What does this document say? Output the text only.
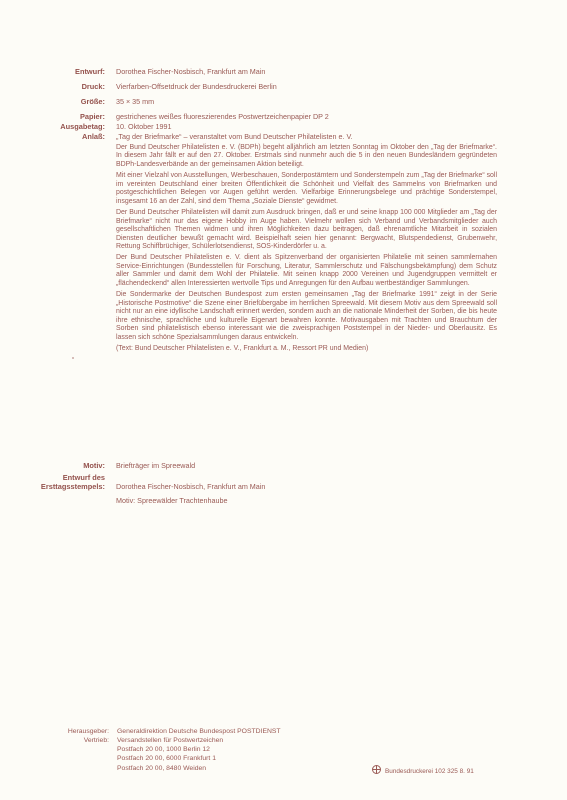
Entwurf: Dorothea Fischer-Nosbisch, Frankfurt am Main
Druck: Vierfarben-Offsetdruck der Bundesdruckerei Berlin
Größe: 35 × 35 mm
Papier: gestrichenes weißes fluoreszierendes Postwertzeichenpapier DP 2
Ausgabetag: 10. Oktober 1991
Anlaß: „Tag der Briefmarke“ – veranstaltet vom Bund Deutscher Philatelisten e. V.

Der Bund Deutscher Philatelisten e. V. (BDPh) begeht alljährlich am letzten Sonntag im Oktober den „Tag der Briefmarke“. In diesem Jahr fällt er auf den 27. Oktober. Erstmals sind nunmehr auch die 5 in den neuen Bundesländern gegründeten BDPh-Landesverbände an der gemeinsamen Aktion beteiligt.

Mit einer Vielzahl von Ausstellungen, Werbeschauen, Sonderpostämtern und Sonderstempeln zum „Tag der Briefmarke“ soll im vereinten Deutschland einer breiten Öffentlichkeit die Schönheit und Vielfalt des Sammelns von Briefmarken und postgeschichtlichen Belegen vor Augen geführt werden. Vielfarbige Erinnerungsbelege und prächtige Sonderstempel, insgesamt 16 an der Zahl, sind dem Thema „Soziale Dienste“ gewidmet.

Der Bund Deutscher Philatelisten will damit zum Ausdruck bringen, daß er und seine knapp 100 000 Mitglieder am „Tag der Briefmarke“ nicht nur das eigene Hobby im Auge haben. Vielmehr wollen sich Verband und Verbandsmitglieder auch gesellschaftlichen Themen widmen und ihren Möglichkeiten dazu beitragen, daß ehrenamtliche Mitarbeit in sozialen Diensten deutlicher bewußt gemacht wird. Beispielhaft seien hier genannt: Bergwacht, Blutspendedienst, Grubenwehr, Rettung Schiffbrüchiger, Schülerlotsendienst, SOS-Kinderdörfer u. a.

Der Bund Deutscher Philatelisten e. V. dient als Spitzenverband der organisierten Philatelie mit seinen sammlernahen Service-Einrichtungen (Bundesstellen für Forschung, Literatur, Sammlerschutz und Fälschungsbekämpfung) dem Schutz aller Sammler und damit dem Wohl der Philatelie. Mit seinen knapp 2000 Vereinen und Jugendgruppen vermittelt er „flächendeckend“ allen Interessierten wertvolle Tips und Anregungen für den Aufbau wertbeständiger Sammlungen.

Die Sondermarke der Deutschen Bundespost zum ersten gemeinsamen „Tag der Briefmarke 1991“ zeigt in der Serie „Historische Postmotive“ die Szene einer Briefübergabe im herrlichen Spreewald. Mit diesem Motiv aus dem Spreewald soll nicht nur an eine idyllische Landschaft erinnert werden, sondern auch an die nationale Minderheit der Sorben, die bis heute ihre ethnische, sprachliche und kulturelle Eigenart bewahren konnte. Motivausgaben mit Trachten und Brauchtum der Sorben sind philatelistisch ebenso interessant wie die zweisprachigen Poststempel in der Nieder- und Oberlausitz. Es lassen sich schöne Spezialsammlungen daraus entwickeln.

(Text: Bund Deutscher Philatelisten e. V., Frankfurt a. M., Ressort PR und Medien)

Motiv: Briefträger im Spreewald
Entwurf des
Ersttagsstempels: Dorothea Fischer-Nosbisch, Frankfurt am Main
Motiv: Spreewälder Trachtenhaube
Herausgeber: Generaldirektion Deutsche Bundespost POSTDIENST
Vertrieb: Versandstellen für Postwertzeichen
Postfach 20 00, 1000 Berlin 12
Postfach 20 00, 6000 Frankfurt 1
Postfach 20 00, 8480 Weiden	Bundesdruckerei 102 325 8. 91
